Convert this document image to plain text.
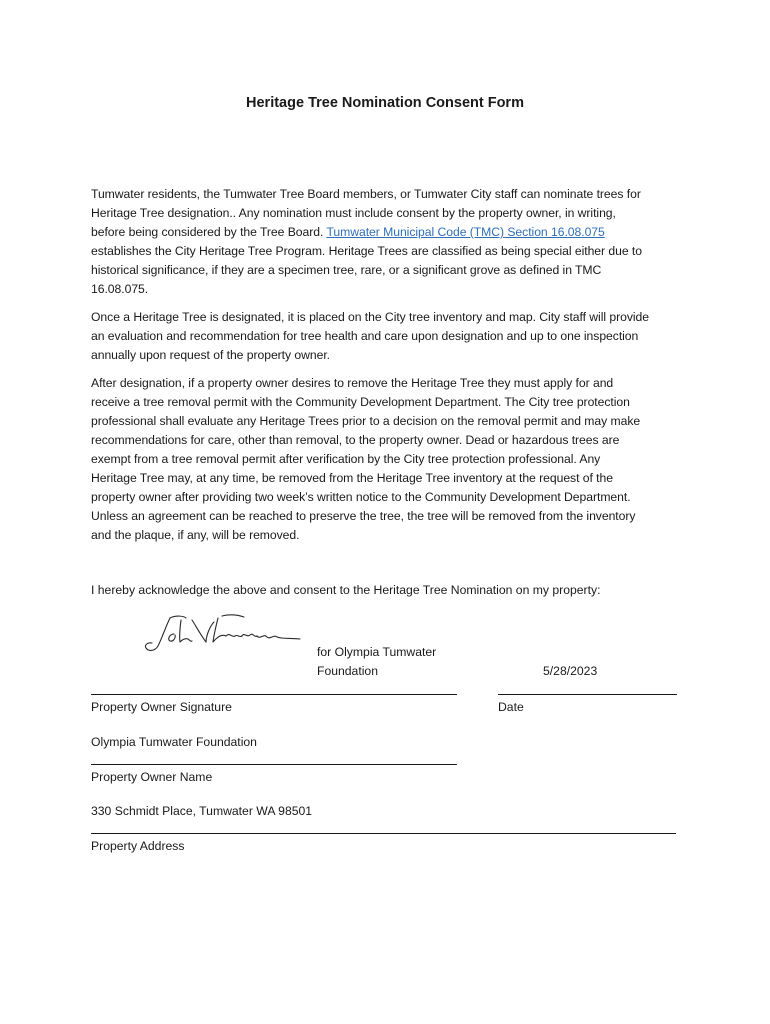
Heritage Tree Nomination Consent Form
Tumwater residents, the Tumwater Tree Board members, or Tumwater City staff can nominate trees for
Heritage Tree designation.. Any nomination must include consent by the property owner, in writing,
before being considered by the Tree Board. Tumwater Municipal Code (TMC) Section 16.08.075
establishes the City Heritage Tree Program. Heritage Trees are classified as being special either due to
historical significance, if they are a specimen tree, rare, or a significant grove as defined in TMC
16.08.075.
Once a Heritage Tree is designated, it is placed on the City tree inventory and map. City staff will provide
an evaluation and recommendation for tree health and care upon designation and up to one inspection
annually upon request of the property owner.
After designation, if a property owner desires to remove the Heritage Tree they must apply for and
receive a tree removal permit with the Community Development Department. The City tree protection
professional shall evaluate any Heritage Trees prior to a decision on the removal permit and may make
recommendations for care, other than removal, to the property owner. Dead or hazardous trees are
exempt from a tree removal permit after verification by the City tree protection professional. Any
Heritage Tree may, at any time, be removed from the Heritage Tree inventory at the request of the
property owner after providing two week’s written notice to the Community Development Department.
Unless an agreement can be reached to preserve the tree, the tree will be removed from the inventory
and the plaque, if any, will be removed.
I hereby acknowledge the above and consent to the Heritage Tree Nomination on my property:
for Olympia Tumwater
Foundation	5/28/2023
Property Owner Signature	Date
Olympia Tumwater Foundation
Property Owner Name
330 Schmidt Place, Tumwater WA 98501
Property Address
